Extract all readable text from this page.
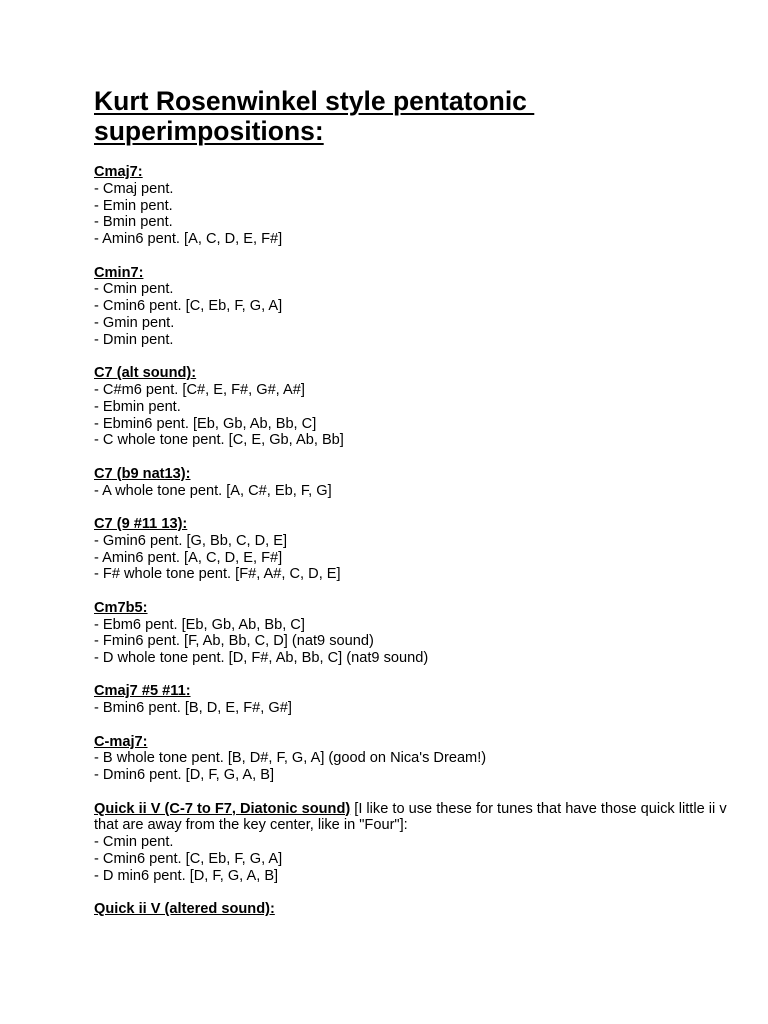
Kurt Rosenwinkel style pentatonic
superimpositions:
Cmaj7:
- Cmaj pent.
- Emin pent.
- Bmin pent.
- Amin6 pent. [A, C, D, E, F#]
Cmin7:
- Cmin pent.
- Cmin6 pent. [C, Eb, F, G, A]
- Gmin pent.
- Dmin pent.
C7 (alt sound):
- C#m6 pent. [C#, E, F#, G#, A#]
- Ebmin pent.
- Ebmin6 pent. [Eb, Gb, Ab, Bb, C]
- C whole tone pent. [C, E, Gb, Ab, Bb]
C7 (b9 nat13):
- A whole tone pent. [A, C#, Eb, F, G]
C7 (9 #11 13):
- Gmin6 pent. [G, Bb, C, D, E]
- Amin6 pent. [A, C, D, E, F#]
- F# whole tone pent. [F#, A#, C, D, E]
Cm7b5:
- Ebm6 pent. [Eb, Gb, Ab, Bb, C]
- Fmin6 pent. [F, Ab, Bb, C, D] (nat9 sound)
- D whole tone pent. [D, F#, Ab, Bb, C] (nat9 sound)
Cmaj7 #5 #11:
- Bmin6 pent. [B, D, E, F#, G#]
C-maj7:
- B whole tone pent. [B, D#, F, G, A] (good on Nica's Dream!)
- Dmin6 pent. [D, F, G, A, B]
Quick ii V (C-7 to F7, Diatonic sound) [I like to use these for tunes that have those quick little ii v that are away from the key center, like in "Four"]:
- Cmin pent.
- Cmin6 pent. [C, Eb, F, G, A]
- D min6 pent. [D, F, G, A, B]
Quick ii V (altered sound):
